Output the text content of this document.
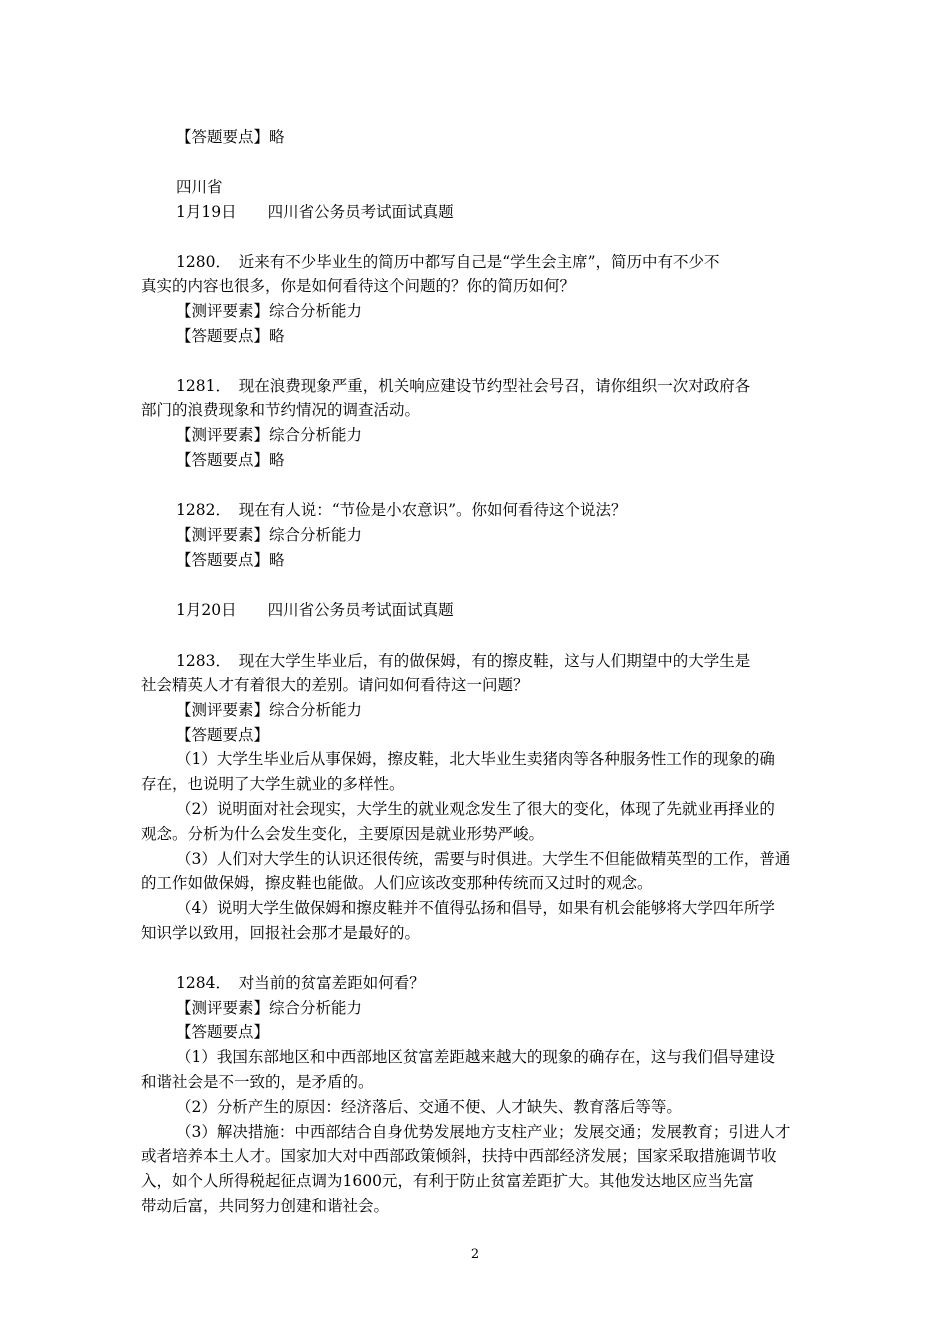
【答题要点】略
四川省
1月19日　　四川省公务员考试面试真题
1280．　近来有不少毕业生的简历中都写自己是“学生会主席”，简历中有不少不
真实的内容也很多，你是如何看待这个问题的？你的简历如何？
【测评要素】综合分析能力
【答题要点】略
1281．　现在浪费现象严重，机关响应建设节约型社会号召，请你组织一次对政府各
部门的浪费现象和节约情况的调查活动。
【测评要素】综合分析能力
【答题要点】略
1282．　现在有人说：“节俭是小农意识”。你如何看待这个说法？
【测评要素】综合分析能力
【答题要点】略
1月20日　　四川省公务员考试面试真题
1283．　现在大学生毕业后，有的做保姆，有的擦皮鞋，这与人们期望中的大学生是
社会精英人才有着很大的差别。请问如何看待这一问题？
【测评要素】综合分析能力
【答题要点】
（1）大学生毕业后从事保姆，擦皮鞋，北大毕业生卖猪肉等各种服务性工作的现象的确
存在，也说明了大学生就业的多样性。
（2）说明面对社会现实，大学生的就业观念发生了很大的变化，体现了先就业再择业的
观念。分析为什么会发生变化，主要原因是就业形势严峻。
（3）人们对大学生的认识还很传统，需要与时俱进。大学生不但能做精英型的工作，普通
的工作如做保姆，擦皮鞋也能做。人们应该改变那种传统而又过时的观念。
（4）说明大学生做保姆和擦皮鞋并不值得弘扬和倡导，如果有机会能够将大学四年所学
知识学以致用，回报社会那才是最好的。
1284．　对当前的贫富差距如何看？
【测评要素】综合分析能力
【答题要点】
（1）我国东部地区和中西部地区贫富差距越来越大的现象的确存在，这与我们倡导建设
和谐社会是不一致的，是矛盾的。
（2）分析产生的原因：经济落后、交通不便、人才缺失、教育落后等等。
（3）解决措施：中西部结合自身优势发展地方支柱产业；发展交通；发展教育；引进人才
或者培养本土人才。国家加大对中西部政策倾斜，扶持中西部经济发展；国家采取措施调节收
入，如个人所得税起征点调为1600元，有利于防止贫富差距扩大。其他发达地区应当先富
带动后富，共同努力创建和谐社会。
2
